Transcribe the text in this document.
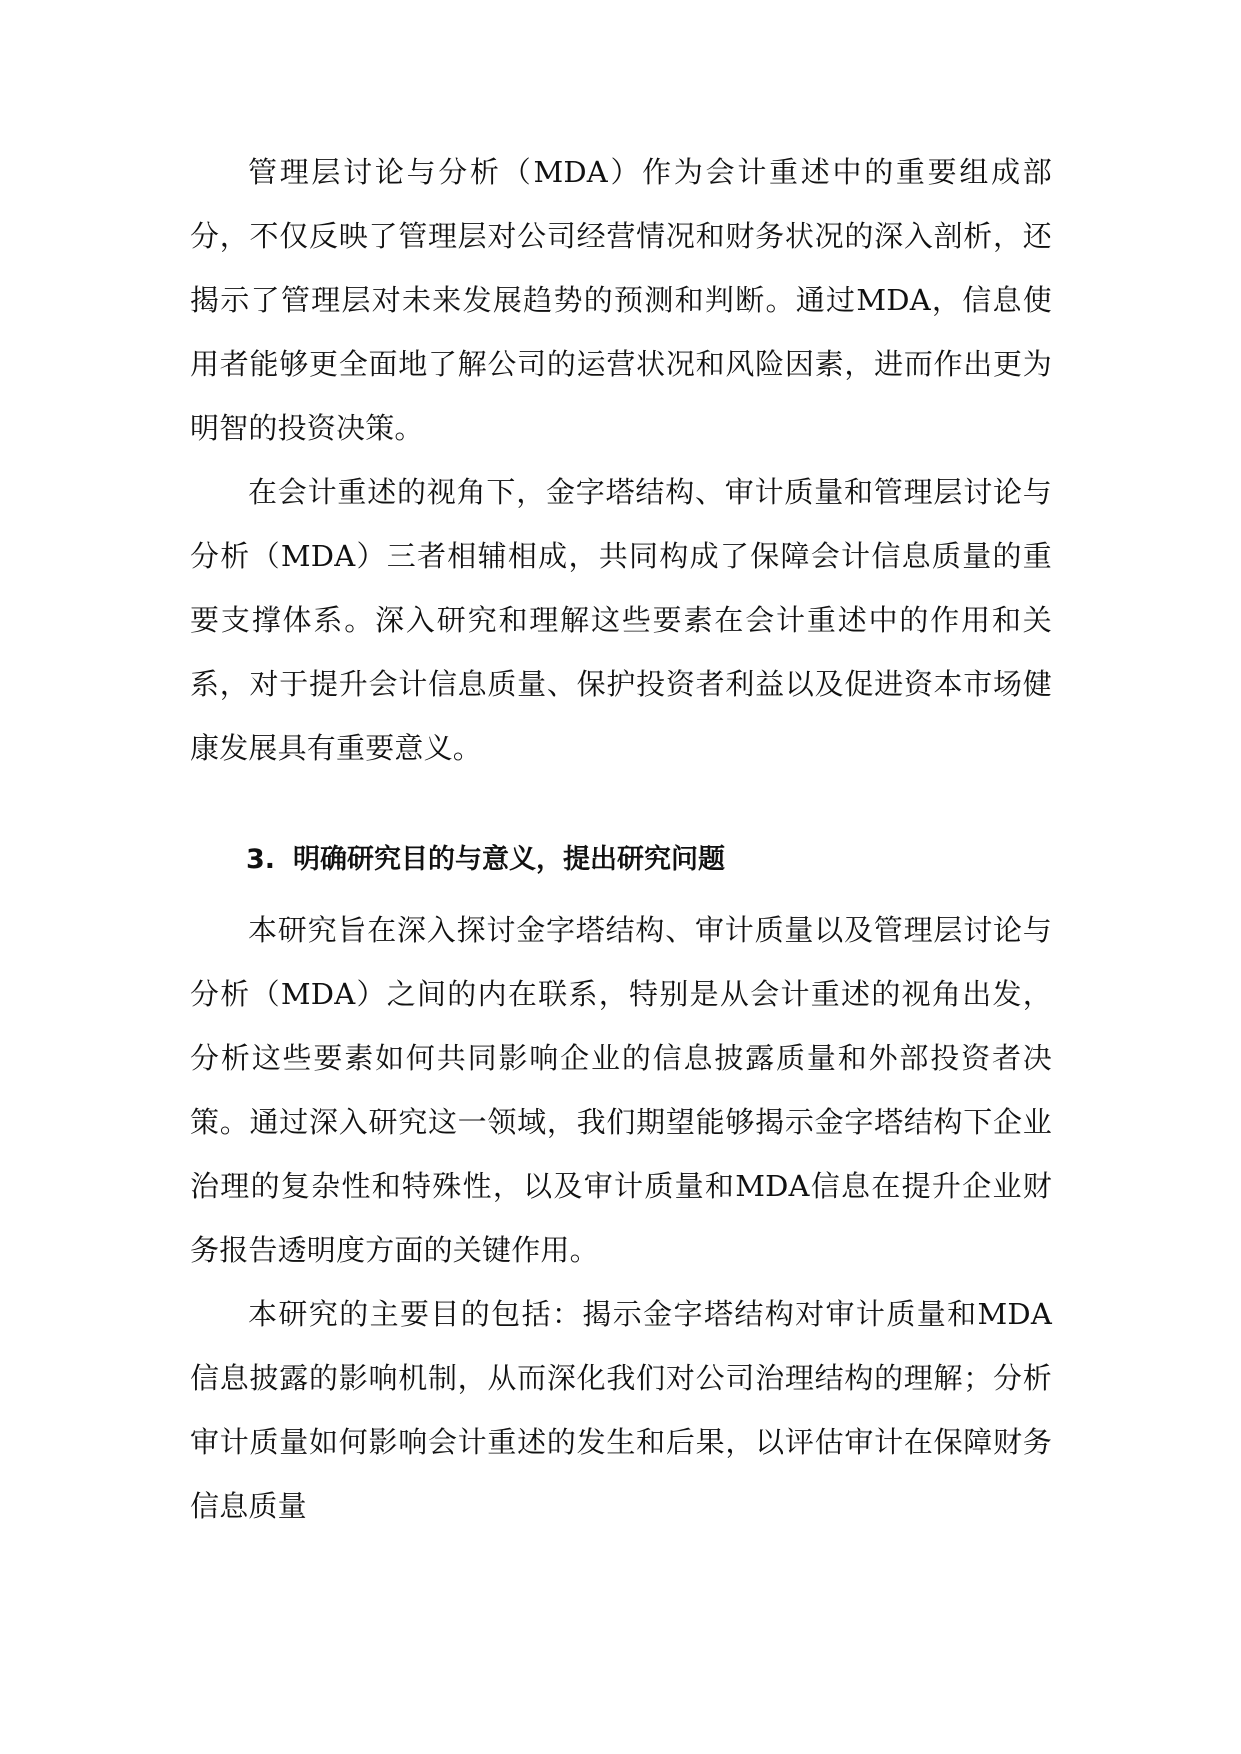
管理层讨论与分析（MDA）作为会计重述中的重要组成部分，不仅反映了管理层对公司经营情况和财务状况的深入剖析，还揭示了管理层对未来发展趋势的预测和判断。通过MDA，信息使用者能够更全面地了解公司的运营状况和风险因素，进而作出更为明智的投资决策。

在会计重述的视角下，金字塔结构、审计质量和管理层讨论与分析（MDA）三者相辅相成，共同构成了保障会计信息质量的重要支撑体系。深入研究和理解这些要素在会计重述中的作用和关系，对于提升会计信息质量、保护投资者利益以及促进资本市场健康发展具有重要意义。

3. 明确研究目的与意义，提出研究问题

本研究旨在深入探讨金字塔结构、审计质量以及管理层讨论与分析（MDA）之间的内在联系，特别是从会计重述的视角出发，分析这些要素如何共同影响企业的信息披露质量和外部投资者决策。通过深入研究这一领域，我们期望能够揭示金字塔结构下企业治理的复杂性和特殊性，以及审计质量和MDA信息在提升企业财务报告透明度方面的关键作用。

本研究的主要目的包括：揭示金字塔结构对审计质量和MDA信息披露的影响机制，从而深化我们对公司治理结构的理解；分析审计质量如何影响会计重述的发生和后果，以评估审计在保障财务信息质量
